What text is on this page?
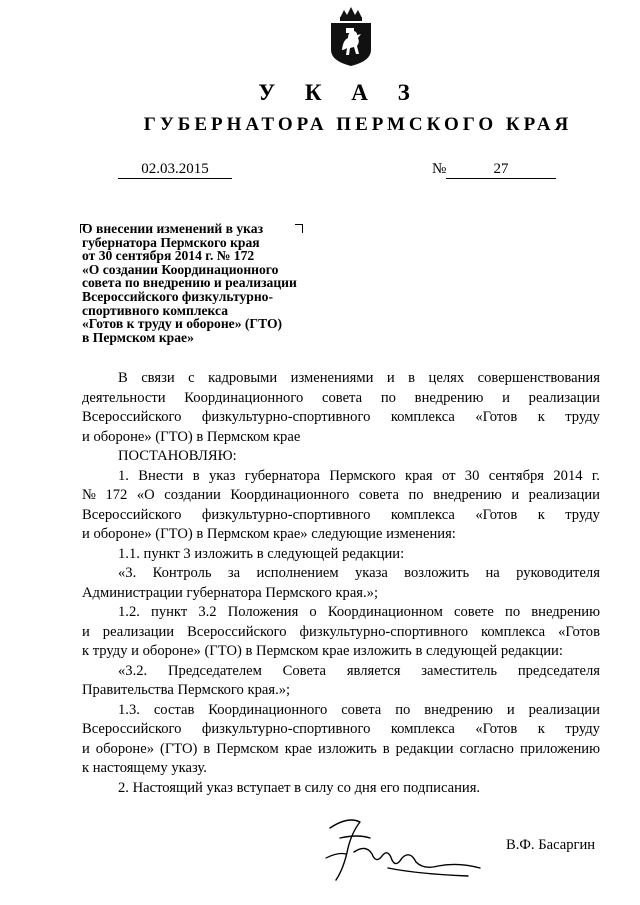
У К А З
ГУБЕРНАТОРА ПЕРМСКОГО КРАЯ
02.03.2015	№	27
О внесении изменений в указ
губернатора Пермского края
от 30 сентября 2014 г. № 172
«О создании Координационного
совета по внедрению и реализации
Всероссийского физкультурно-
спортивного комплекса
«Готов к труду и обороне» (ГТО)
в Пермском крае»
В связи с кадровыми изменениями и в целях совершенствования
деятельности Координационного совета по внедрению и реализации
Всероссийского физкультурно-спортивного комплекса «Готов к труду
и обороне» (ГТО) в Пермском крае
ПОСТАНОВЛЯЮ:
1. Внести в указ губернатора Пермского края от 30 сентября 2014 г.
№ 172 «О создании Координационного совета по внедрению и реализации
Всероссийского физкультурно-спортивного комплекса «Готов к труду
и обороне» (ГТО) в Пермском крае» следующие изменения:
1.1. пункт 3 изложить в следующей редакции:
«3. Контроль за исполнением указа возложить на руководителя
Администрации губернатора Пермского края.»;
1.2. пункт 3.2 Положения о Координационном совете по внедрению
и реализации Всероссийского физкультурно-спортивного комплекса «Готов
к труду и обороне» (ГТО) в Пермском крае изложить в следующей редакции:
«3.2. Председателем Совета является заместитель председателя
Правительства Пермского края.»;
1.3. состав Координационного совета по внедрению и реализации
Всероссийского физкультурно-спортивного комплекса «Готов к труду
и обороне» (ГТО) в Пермском крае изложить в редакции согласно приложению
к настоящему указу.
2. Настоящий указ вступает в силу со дня его подписания.
В.Ф. Басаргин
